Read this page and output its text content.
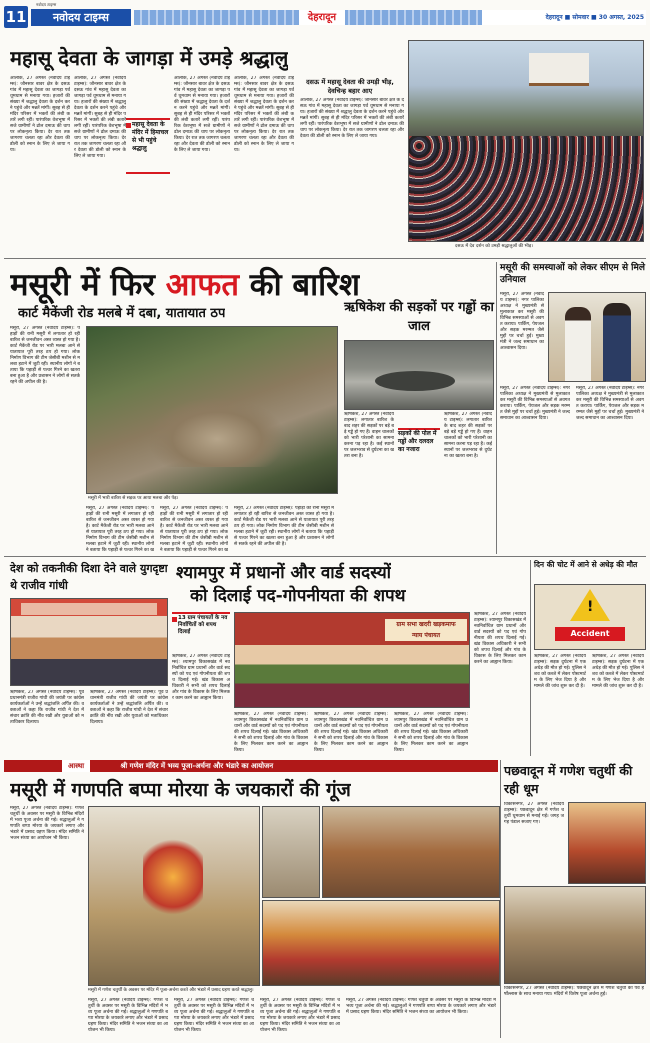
11	नवोदय टाइम्स
नवोदय टाइम्स
देहरादून	देहरादून ■ सोमवार ■ 30 अगस्त, 2025
महासू देवता के जागड़ा में उमड़े श्रद्धालु
दसऊ में देव दर्शन को उमड़ी श्रद्धालुओं की भीड़।
आलोक, 27 अगस्त (नवोदय टाइम्स): जौनसार बावर क्षेत्र के दसऊ गांव में महासू देवता का जागड़ा पर्व धूमधाम से मनाया गया। हजारों की संख्या में श्रद्धालु देवता के दर्शन करने पहुंचे और मन्नतें मांगीं। सुबह से ही मंदिर परिसर में भक्तों की लंबी कतारें लगी रहीं। पारंपरिक वेशभूषा में सजे ग्रामीणों ने ढोल दमाऊ की थाप पर लोकनृत्य किया। देर रात तक जागरण चलता रहा और देवता की डोली को स्नान के लिए ले जाया गया।
आलोक, 27 अगस्त (नवोदय टाइम्स): जौनसार बावर क्षेत्र के दसऊ गांव में महासू देवता का जागड़ा पर्व धूमधाम से मनाया गया। हजारों की संख्या में श्रद्धालु देवता के दर्शन करने पहुंचे और मन्नतें मांगीं। सुबह से ही मंदिर परिसर में भक्तों की लंबी कतारें लगी रहीं। पारंपरिक वेशभूषा में सजे ग्रामीणों ने ढोल दमाऊ की थाप पर लोकनृत्य किया। देर रात तक जागरण चलता रहा और देवता की डोली को स्नान के लिए ले जाया गया।
महासू देवता के मंदिर में हिमाचल से भी पहुंचे श्रद्धालु
आलोक, 27 अगस्त (नवोदय टाइम्स): जौनसार बावर क्षेत्र के दसऊ गांव में महासू देवता का जागड़ा पर्व धूमधाम से मनाया गया। हजारों की संख्या में श्रद्धालु देवता के दर्शन करने पहुंचे और मन्नतें मांगीं। सुबह से ही मंदिर परिसर में भक्तों की लंबी कतारें लगी रहीं। पारंपरिक वेशभूषा में सजे ग्रामीणों ने ढोल दमाऊ की थाप पर लोकनृत्य किया। देर रात तक जागरण चलता रहा और देवता की डोली को स्नान के लिए ले जाया गया।
आलोक, 27 अगस्त (नवोदय टाइम्स): जौनसार बावर क्षेत्र के दसऊ गांव में महासू देवता का जागड़ा पर्व धूमधाम से मनाया गया। हजारों की संख्या में श्रद्धालु देवता के दर्शन करने पहुंचे और मन्नतें मांगीं। सुबह से ही मंदिर परिसर में भक्तों की लंबी कतारें लगी रहीं। पारंपरिक वेशभूषा में सजे ग्रामीणों ने ढोल दमाऊ की थाप पर लोकनृत्य किया। देर रात तक जागरण चलता रहा और देवता की डोली को स्नान के लिए ले जाया गया।
दसऊ में महासू देवता की उमड़ी भीड़, देवचिन्ह बहार आए
आलोक, 27 अगस्त (नवोदय टाइम्स): जौनसार बावर क्षेत्र के दसऊ गांव में महासू देवता का जागड़ा पर्व धूमधाम से मनाया गया। हजारों की संख्या में श्रद्धालु देवता के दर्शन करने पहुंचे और मन्नतें मांगीं। सुबह से ही मंदिर परिसर में भक्तों की लंबी कतारें लगी रहीं। पारंपरिक वेशभूषा में सजे ग्रामीणों ने ढोल दमाऊ की थाप पर लोकनृत्य किया। देर रात तक जागरण चलता रहा और देवता की डोली को स्नान के लिए ले जाया गया।
मसूरी में फिर आफत की बारिश
कार्ट मैकेंजी रोड मलबे में दबा, यातायात ठप
मसूरी, 27 अगस्त (नवोदय टाइम्स): पहाड़ों की रानी मसूरी में लगातार हो रही बारिश से जनजीवन अस्त व्यस्त हो गया है। कार्ट मैकेंजी रोड पर भारी मलबा आने से यातायात पूरी तरह ठप हो गया। लोक निर्माण विभाग की टीम जेसीबी मशीन से मलबा हटाने में जुटी रही। स्थानीय लोगों ने बताया कि पहाड़ी से पत्थर गिरने का खतरा बना हुआ है और प्रशासन ने लोगों से सतर्क रहने की अपील की है।
मसूरी में भारी बारिश से सड़क पर आया मलबा और पेड़।
मसूरी, 27 अगस्त (नवोदय टाइम्स): पहाड़ों की रानी मसूरी में लगातार हो रही बारिश से जनजीवन अस्त व्यस्त हो गया है। कार्ट मैकेंजी रोड पर भारी मलबा आने से यातायात पूरी तरह ठप हो गया। लोक निर्माण विभाग की टीम जेसीबी मशीन से मलबा हटाने में जुटी रही। स्थानीय लोगों ने बताया कि पहाड़ी से पत्थर गिरने का ख
मसूरी, 27 अगस्त (नवोदय टाइम्स): पहाड़ों की रानी मसूरी में लगातार हो रही बारिश से जनजीवन अस्त व्यस्त हो गया है। कार्ट मैकेंजी रोड पर भारी मलबा आने से यातायात पूरी तरह ठप हो गया। लोक निर्माण विभाग की टीम जेसीबी मशीन से मलबा हटाने में जुटी रही। स्थानीय लोगों ने बताया कि पहाड़ी से पत्थर गिरने का ख
मसूरी, 27 अगस्त (नवोदय टाइम्स): पहाड़ों की रानी मसूरी में लगातार हो रही बारिश से जनजीवन अस्त व्यस्त हो गया है। कार्ट मैकेंजी रोड पर भारी मलबा आने से यातायात पूरी तरह ठप हो गया। लोक निर्माण विभाग की टीम जेसीबी मशीन से मलबा हटाने में जुटी रही। स्थानीय लोगों ने बताया कि पहाड़ी से पत्थर गिरने का खतरा बना हुआ है और प्रशासन ने लोगों से सतर्क रहने की अपील की है।
ऋषिकेश की सड़कों पर गड्ढों का जाल
ऋषिकेश, 27 अगस्त (नवोदय टाइम्स): लगातार बारिश के बाद शहर की सड़कों पर बड़े बड़े गड्ढे हो गए हैं। वाहन चालकों को भारी परेशानी का सामना करना पड़ रहा है। कई स्थानों पर जलभराव से दुर्घटना का खतरा बना है।
सड़कों की पोल में गड्ढों और दलदल का नजारा
ऋषिकेश, 27 अगस्त (नवोदय टाइम्स): लगातार बारिश के बाद शहर की सड़कों पर बड़े बड़े गड्ढे हो गए हैं। वाहन चालकों को भारी परेशानी का सामना करना पड़ रहा है। कई स्थानों पर जलभराव से दुर्घटना का खतरा बना है।
मसूरी की समस्याओं को लेकर सीएम से मिले उनियाल
मसूरी, 27 अगस्त (नवोदय टाइम्स): नगर पालिका अध्यक्ष ने मुख्यमंत्री से मुलाकात कर मसूरी की विभिन्न समस्याओं से अवगत कराया। पार्किंग, पेयजल और सड़क मरम्मत जैसे मुद्दों पर चर्चा हुई। मुख्यमंत्री ने जल्द समाधान का आश्वासन दिया।
मसूरी, 27 अगस्त (नवोदय टाइम्स): नगर पालिका अध्यक्ष ने मुख्यमंत्री से मुलाकात कर मसूरी की विभिन्न समस्याओं से अवगत कराया। पार्किंग, पेयजल और सड़क मरम्मत जैसे मुद्दों पर चर्चा हुई। मुख्यमंत्री ने जल्द समाधान का आश्वासन दिया।
मसूरी, 27 अगस्त (नवोदय टाइम्स): नगर पालिका अध्यक्ष ने मुख्यमंत्री से मुलाकात कर मसूरी की विभिन्न समस्याओं से अवगत कराया। पार्किंग, पेयजल और सड़क मरम्मत जैसे मुद्दों पर चर्चा हुई। मुख्यमंत्री ने जल्द समाधान का आश्वासन दिया।
देश को तकनीकी दिशा देने वाले युगदृष्टा थे राजीव गांधी
ऋषिकेश, 27 अगस्त (नवोदय टाइम्स): पूर्व प्रधानमंत्री राजीव गांधी की जयंती पर कांग्रेस कार्यकर्ताओं ने उन्हें श्रद्धांजलि अर्पित की। वक्ताओं ने कहा कि राजीव गांधी ने देश में संचार क्रांति की नींव रखी और युवाओं को मताधिकार दिलाया।
ऋषिकेश, 27 अगस्त (नवोदय टाइम्स): पूर्व प्रधानमंत्री राजीव गांधी की जयंती पर कांग्रेस कार्यकर्ताओं ने उन्हें श्रद्धांजलि अर्पित की। वक्ताओं ने कहा कि राजीव गांधी ने देश में संचार क्रांति की नींव रखी और युवाओं को मताधिकार दिलाया।
श्यामपुर में प्रधानों और वार्ड सदस्यों
को दिलाई पद-गोपनीयता की शपथ
13 ग्राम पंचायतों के नव निर्वाचितों को शपथ दिलाई
ऋषिकेश, 27 अगस्त (नवोदय टाइम्स): श्यामपुर विकासखंड में नवनिर्वाचित ग्राम प्रधानों और वार्ड सदस्यों को पद एवं गोपनीयता की शपथ दिलाई गई। खंड विकास अधिकारी ने सभी को शपथ दिलाई और गांव के विकास के लिए मिलकर काम करने का आह्वान किया।
ग्राम सभा खदरी खड़कमाफ
न्याय पंचायत
ऋषिकेश, 27 अगस्त (नवोदय टाइम्स): श्यामपुर विकासखंड में नवनिर्वाचित ग्राम प्रधानों और वार्ड सदस्यों को पद एवं गोपनीयता की शपथ दिलाई गई। खंड विकास अधिकारी ने सभी को शपथ दिलाई और गांव के विकास के लिए मिलकर काम करने का आह्वान किया।
ऋषिकेश, 27 अगस्त (नवोदय टाइम्स): श्यामपुर विकासखंड में नवनिर्वाचित ग्राम प्रधानों और वार्ड सदस्यों को पद एवं गोपनीयता की शपथ दिलाई गई। खंड विकास अधिकारी ने सभी को शपथ दिलाई और गांव के विकास के लिए मिलकर काम करने का आह्वान किया।
ऋषिकेश, 27 अगस्त (नवोदय टाइम्स): श्यामपुर विकासखंड में नवनिर्वाचित ग्राम प्रधानों और वार्ड सदस्यों को पद एवं गोपनीयता की शपथ दिलाई गई। खंड विकास अधिकारी ने सभी को शपथ दिलाई और गांव के विकास के लिए मिलकर काम करने का आह्वान किया।
ऋषिकेश, 27 अगस्त (नवोदय टाइम्स): श्यामपुर विकासखंड में नवनिर्वाचित ग्राम प्रधानों और वार्ड सदस्यों को पद एवं गोपनीयता की शपथ दिलाई गई। खंड विकास अधिकारी ने सभी को शपथ दिलाई और गांव के विकास के लिए मिलकर काम करने का आह्वान किया।
दिन की चोट में आने से अधेड़ की मौत
!
Accident
ऋषिकेश, 27 अगस्त (नवोदय टाइम्स): सड़क दुर्घटना में एक अधेड़ की मौत हो गई। पुलिस ने शव को कब्जे में लेकर पोस्टमार्टम के लिए भेज दिया है और मामले की जांच शुरू कर दी है।
ऋषिकेश, 27 अगस्त (नवोदय टाइम्स): सड़क दुर्घटना में एक अधेड़ की मौत हो गई। पुलिस ने शव को कब्जे में लेकर पोस्टमार्टम के लिए भेज दिया है और मामले की जांच शुरू कर दी है।
आस्था	श्री गणेश मंदिर में भव्य पूजा-अर्चना और भंडारे का आयोजन
मसूरी में गणपति बप्पा मोरया के जयकारों की गूंज
मसूरी, 27 अगस्त (नवोदय टाइम्स): गणेश चतुर्थी के अवसर पर मसूरी के विभिन्न मंदिरों में भव्य पूजा अर्चना की गई। श्रद्धालुओं ने गणपति बप्पा मोरया के जयकारे लगाए और भंडारे में प्रसाद ग्रहण किया। मंदिर समिति ने भजन संध्या का आयोजन भी किया।
मसूरी में गणेश चतुर्थी के अवसर पर मंदिर में पूजा-अर्चना करते और भंडारे में प्रसाद ग्रहण करते श्रद्धालु।
मसूरी, 27 अगस्त (नवोदय टाइम्स): गणेश चतुर्थी के अवसर पर मसूरी के विभिन्न मंदिरों में भव्य पूजा अर्चना की गई। श्रद्धालुओं ने गणपति बप्पा मोरया के जयकारे लगाए और भंडारे में प्रसाद ग्रहण किया। मंदिर समिति ने भजन संध्या का आयोजन भी किया।
मसूरी, 27 अगस्त (नवोदय टाइम्स): गणेश चतुर्थी के अवसर पर मसूरी के विभिन्न मंदिरों में भव्य पूजा अर्चना की गई। श्रद्धालुओं ने गणपति बप्पा मोरया के जयकारे लगाए और भंडारे में प्रसाद ग्रहण किया। मंदिर समिति ने भजन संध्या का आयोजन भी किया।
मसूरी, 27 अगस्त (नवोदय टाइम्स): गणेश चतुर्थी के अवसर पर मसूरी के विभिन्न मंदिरों में भव्य पूजा अर्चना की गई। श्रद्धालुओं ने गणपति बप्पा मोरया के जयकारे लगाए और भंडारे में प्रसाद ग्रहण किया। मंदिर समिति ने भजन संध्या का आयोजन भी किया।
मसूरी, 27 अगस्त (नवोदय टाइम्स): गणेश चतुर्थी के अवसर पर मसूरी के विभिन्न मंदिरों में भव्य पूजा अर्चना की गई। श्रद्धालुओं ने गणपति बप्पा मोरया के जयकारे लगाए और भंडारे में प्रसाद ग्रहण किया। मंदिर समिति ने भजन संध्या का आयोजन भी किया।
पछवादून में गणेश चतुर्थी की रही धूम
विकासनगर, 27 अगस्त (नवोदय टाइम्स): पछवादून क्षेत्र में गणेश चतुर्थी धूमधाम से मनाई गई। जगह जगह पंडाल सजाए गए।
विकासनगर, 27 अगस्त (नवोदय टाइम्स): पछवादून क्षेत्र में गणेश चतुर्थी का पर्व हर्षोल्लास के साथ मनाया गया। मंदिरों में विशेष पूजा अर्चना हुई।
